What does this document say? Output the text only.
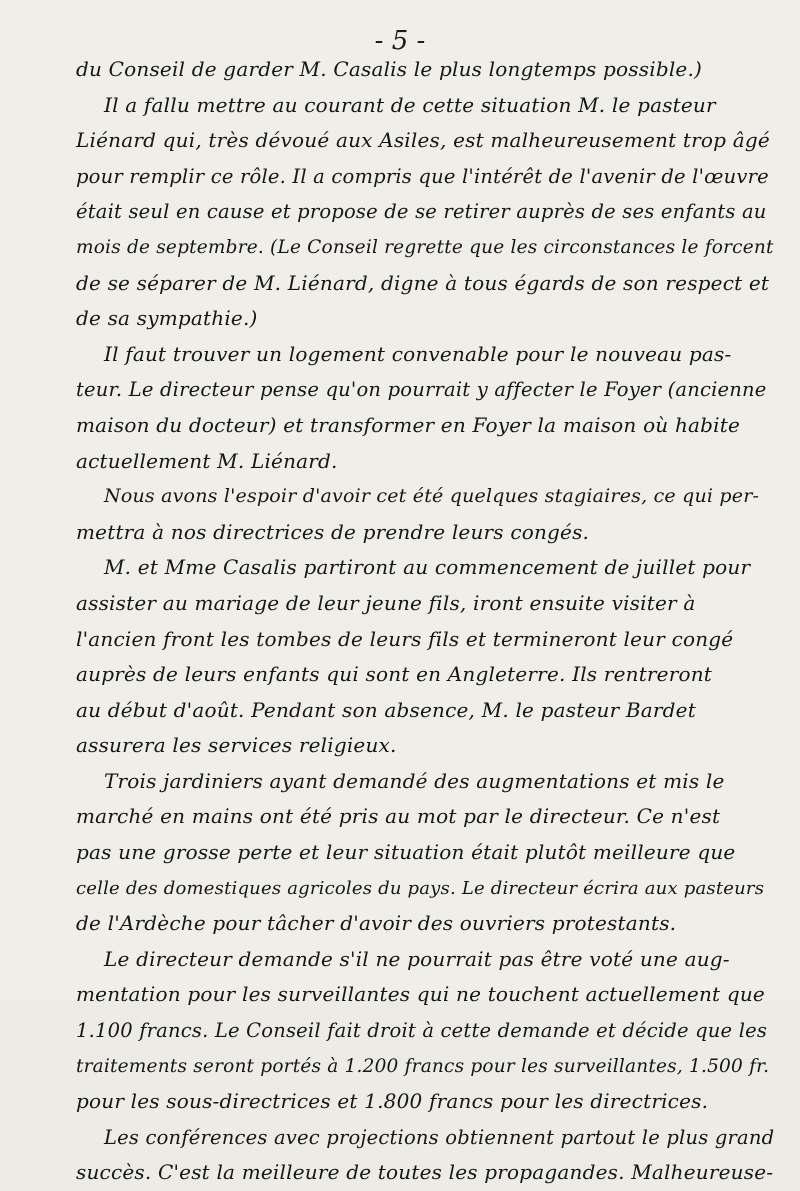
- 5 -
du Conseil de garder M. Casalis le plus longtemps possible.)
Il a fallu mettre au courant de cette situation M. le pasteur
Liénard qui, très dévoué aux Asiles, est malheureusement trop âgé
pour remplir ce rôle. Il a compris que l'intérêt de l'avenir de l'œuvre
était seul en cause et propose de se retirer auprès de ses enfants au
mois de septembre. (Le Conseil regrette que les circonstances le forcent
de se séparer de M. Liénard, digne à tous égards de son respect et
de sa sympathie.)
Il faut trouver un logement convenable pour le nouveau pas-
teur. Le directeur pense qu'on pourrait y affecter le Foyer (ancienne
maison du docteur) et transformer en Foyer la maison où habite
actuellement M. Liénard.
Nous avons l'espoir d'avoir cet été quelques stagiaires, ce qui per-
mettra à nos directrices de prendre leurs congés.
M. et Mme Casalis partiront au commencement de juillet pour
assister au mariage de leur jeune fils, iront ensuite visiter à
l'ancien front les tombes de leurs fils et termineront leur congé
auprès de leurs enfants qui sont en Angleterre. Ils rentreront
au début d'août. Pendant son absence, M. le pasteur Bardet
assurera les services religieux.
Trois jardiniers ayant demandé des augmentations et mis le
marché en mains ont été pris au mot par le directeur. Ce n'est
pas une grosse perte et leur situation était plutôt meilleure que
celle des domestiques agricoles du pays. Le directeur écrira aux pasteurs
de l'Ardèche pour tâcher d'avoir des ouvriers protestants.
Le directeur demande s'il ne pourrait pas être voté une aug-
mentation pour les surveillantes qui ne touchent actuellement que
1.100 francs. Le Conseil fait droit à cette demande et décide que les
traitements seront portés à 1.200 francs pour les surveillantes, 1.500 fr.
pour les sous-directrices et 1.800 francs pour les directrices.
Les conférences avec projections obtiennent partout le plus grand
succès. C'est la meilleure de toutes les propagandes. Malheureuse-
